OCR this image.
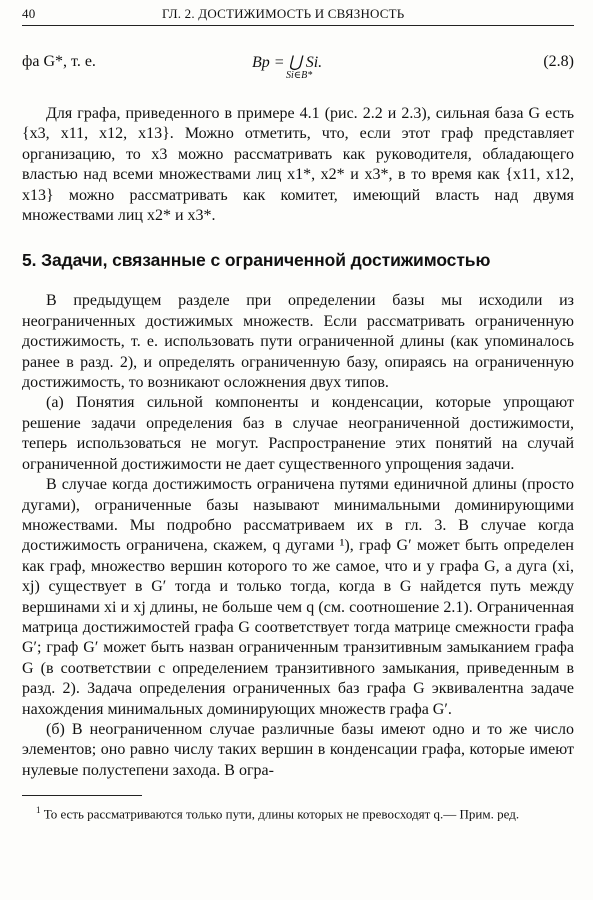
40	ГЛ. 2. ДОСТИЖИМОСТЬ И СВЯЗНОСТЬ
фа G*, т. е.	Bp = ⋃ Si.
Si∈B*
(2.8)

Для графа, приведенного в примере 4.1 (рис. 2.2 и 2.3), сильная база G есть {x3, x11, x12, x13}. Можно отметить, что, если этот граф представляет организацию, то x3 можно рассматривать как руководителя, обладающего властью над всеми множествами лиц x1*, x2* и x3*, в то время как {x11, x12, x13} можно рассматривать как комитет, имеющий власть над двумя множествами лиц x2* и x3*.

5. Задачи, связанные с ограниченной достижимостью

В предыдущем разделе при определении базы мы исходили из неограниченных достижимых множеств. Если рассматривать ограниченную достижимость, т. е. использовать пути ограниченной длины (как упоминалось ранее в разд. 2), и определять ограниченную базу, опираясь на ограниченную достижимость, то возникают осложнения двух типов.

(а) Понятия сильной компоненты и конденсации, которые упрощают решение задачи определения баз в случае неограниченной достижимости, теперь использоваться не могут. Распространение этих понятий на случай ограниченной достижимости не дает существенного упрощения задачи.

В случае когда достижимость ограничена путями единичной длины (просто дугами), ограниченные базы называют минимальными доминирующими множествами. Мы подробно рассматриваем их в гл. 3. В случае когда достижимость ограничена, скажем, q дугами ¹), граф G′ может быть определен как граф, множество вершин которого то же самое, что и у графа G, а дуга (xi, xj) существует в G′ тогда и только тогда, когда в G найдется путь между вершинами xi и xj длины, не больше чем q (см. соотношение 2.1). Ограниченная матрица достижимостей графа G соответствует тогда матрице смежности графа G′; граф G′ может быть назван ограниченным транзитивным замыканием графа G (в соответствии с определением транзитивного замыкания, приведенным в разд. 2). Задача определения ограниченных баз графа G эквивалентна задаче нахождения минимальных доминирующих множеств графа G′.

(б) В неограниченном случае различные базы имеют одно и то же число элементов; оно равно числу таких вершин в конденсации графа, которые имеют нулевые полустепени захода. В огра-

$^1$ То есть рассматриваются только пути, длины которых не превосходят q.— Прим. ред.
